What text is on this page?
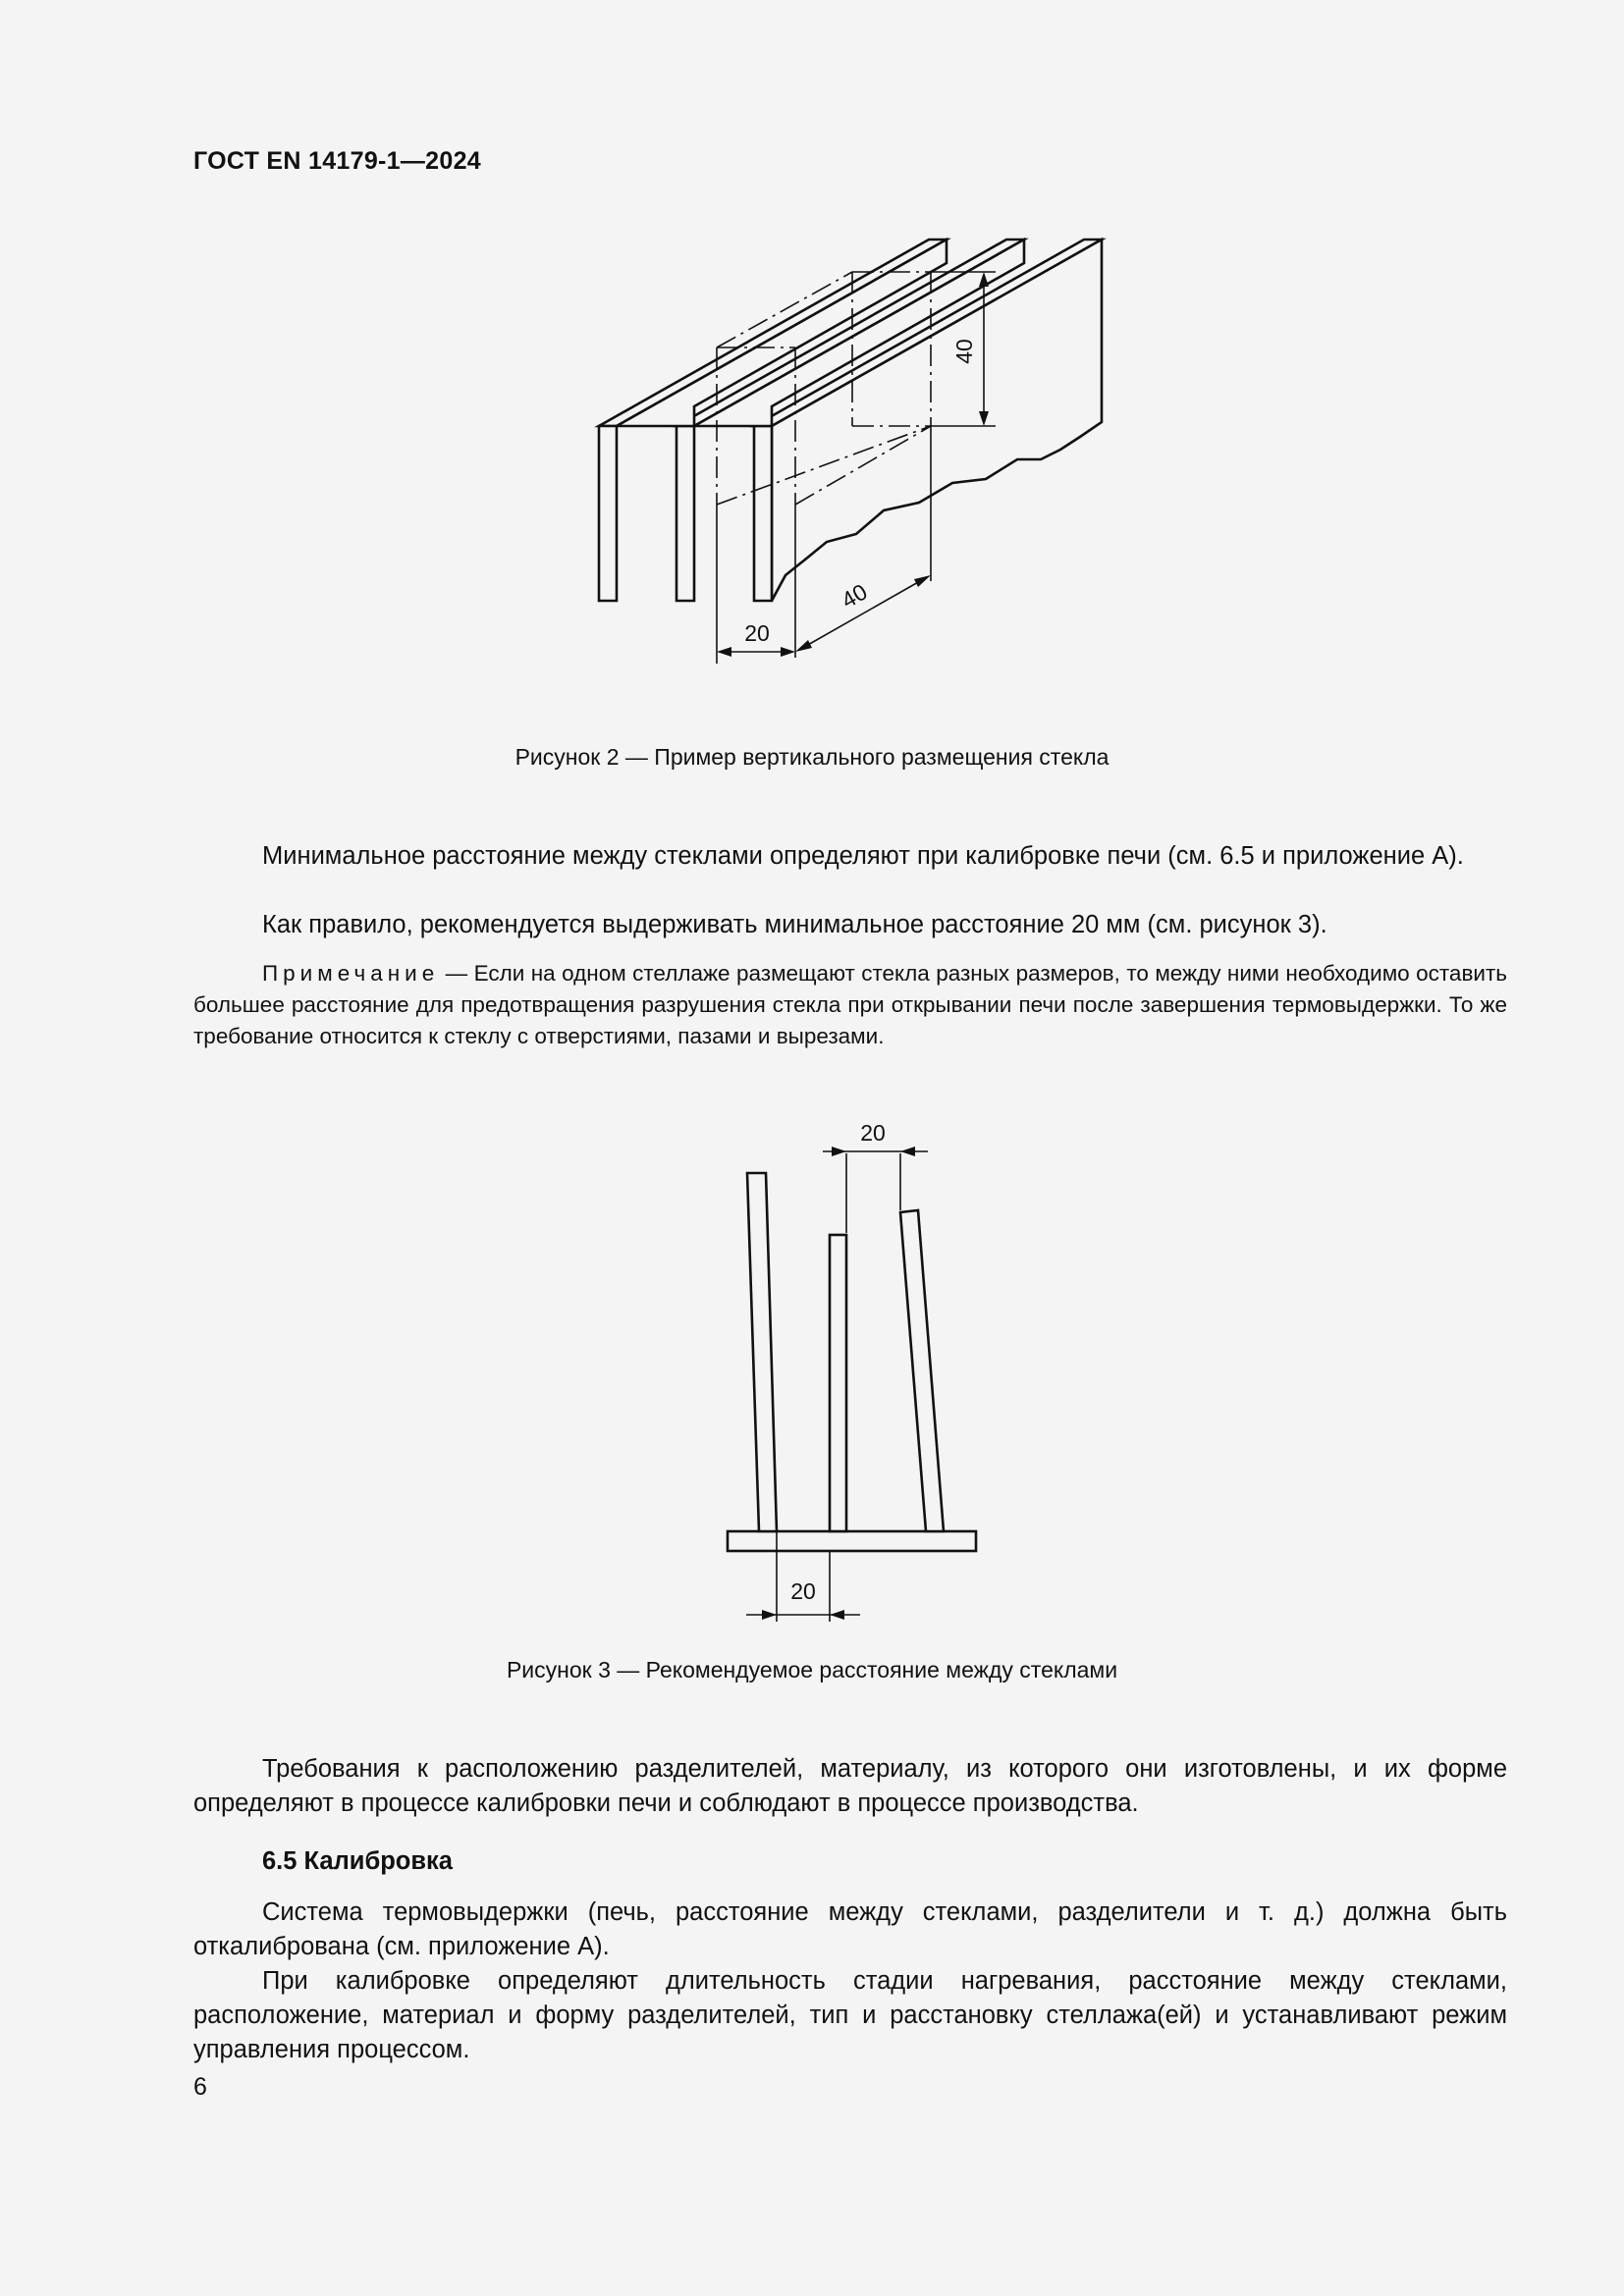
ГОСТ EN 14179-1—2024
40
40
20
Рисунок 2 — Пример вертикального размещения стекла

Минимальное расстояние между стеклами определяют при калибровке печи (см. 6.5 и приложение А).

Как правило, рекомендуется выдерживать минимальное расстояние 20 мм (см. рисунок 3).

Примечание — Если на одном стеллаже размещают стекла разных размеров, то между ними необходимо оставить большее расстояние для предотвращения разрушения стекла при открывании печи после завершения термовыдержки. То же требование относится к стеклу с отверстиями, пазами и вырезами.

20
20
Рисунок 3 — Рекомендуемое расстояние между стеклами

Требования к расположению разделителей, материалу, из которого они изготовлены, и их форме определяют в процессе калибровки печи и соблюдают в процессе производства.

6.5 Калибровка

Система термовыдержки (печь, расстояние между стеклами, разделители и т. д.) должна быть откалибрована (см. приложение А).

При калибровке определяют длительность стадии нагревания, расстояние между стеклами, расположение, материал и форму разделителей, тип и расстановку стеллажа(ей) и устанавливают режим управления процессом.

6
